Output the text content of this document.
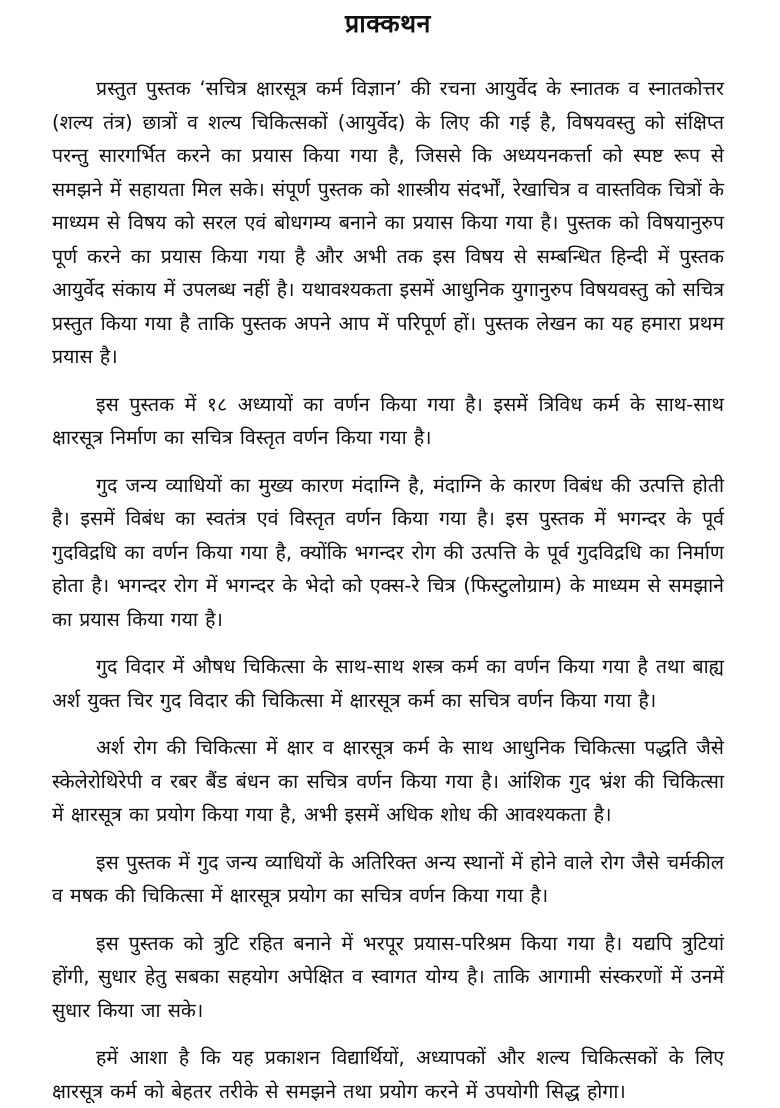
प्राक्कथन

प्रस्तुत पुस्तक ‘सचित्र क्षारसूत्र कर्म विज्ञान’ की रचना आयुर्वेद के स्नातक व स्नातकोत्तर (शल्य तंत्र) छात्रों व शल्य चिकित्सकों (आयुर्वेद) के लिए की गई है, विषयवस्तु को संक्षिप्त परन्तु सारगर्भित करने का प्रयास किया गया है, जिससे कि अध्ययनकर्त्ता को स्पष्ट रूप से समझने में सहायता मिल सके। संपूर्ण पुस्तक को शास्त्रीय संदर्भों, रेखाचित्र व वास्तविक चित्रों के माध्यम से विषय को सरल एवं बोधगम्य बनाने का प्रयास किया गया है। पुस्तक को विषयानुरुप पूर्ण करने का प्रयास किया गया है और अभी तक इस विषय से सम्बन्धित हिन्दी में पुस्तक आयुर्वेद संकाय में उपलब्ध नहीं है। यथावश्यकता इसमें आधुनिक युगानुरुप विषयवस्तु को सचित्र प्रस्तुत किया गया है ताकि पुस्तक अपने आप में परिपूर्ण हों। पुस्तक लेखन का यह हमारा प्रथम प्रयास है।

इस पुस्तक में १८ अध्यायों का वर्णन किया गया है। इसमें त्रिविध कर्म के साथ-साथ क्षारसूत्र निर्माण का सचित्र विस्तृत वर्णन किया गया है।

गुद जन्य व्याधियों का मुख्य कारण मंदाग्नि है, मंदाग्नि के कारण विबंध की उत्पत्ति होती है। इसमें विबंध का स्वतंत्र एवं विस्तृत वर्णन किया गया है। इस पुस्तक में भगन्दर के पूर्व गुदविद्रधि का वर्णन किया गया है, क्योंकि भगन्दर रोग की उत्पत्ति के पूर्व गुदविद्रधि का निर्माण होता है। भगन्दर रोग में भगन्दर के भेदो को एक्स-रे चित्र (फिस्टुलोग्राम) के माध्यम से समझाने का प्रयास किया गया है।

गुद विदार में औषध चिकित्सा के साथ-साथ शस्त्र कर्म का वर्णन किया गया है तथा बाह्य अर्श युक्त चिर गुद विदार की चिकित्सा में क्षारसूत्र कर्म का सचित्र वर्णन किया गया है।

अर्श रोग की चिकित्सा में क्षार व क्षारसूत्र कर्म के साथ आधुनिक चिकित्सा पद्धति जैसे स्केलेरोथिरेपी व रबर बैंड बंधन का सचित्र वर्णन किया गया है। आंशिक गुद भ्रंश की चिकित्सा में क्षारसूत्र का प्रयोग किया गया है, अभी इसमें अधिक शोध की आवश्यकता है।

इस पुस्तक में गुद जन्य व्याधियों के अतिरिक्त अन्य स्थानों में होने वाले रोग जैसे चर्मकील व मषक की चिकित्सा में क्षारसूत्र प्रयोग का सचित्र वर्णन किया गया है।

इस पुस्तक को त्रुटि रहित बनाने में भरपूर प्रयास-परिश्रम किया गया है। यद्यपि त्रुटियां होंगी, सुधार हेतु सबका सहयोग अपेक्षित व स्वागत योग्य है। ताकि आगामी संस्करणों में उनमें सुधार किया जा सके।

हमें आशा है कि यह प्रकाशन विद्यार्थियों, अध्यापकों और शल्य चिकित्सकों के लिए क्षारसूत्र कर्म को बेहतर तरीके से समझने तथा प्रयोग करने में उपयोगी सिद्ध होगा।
